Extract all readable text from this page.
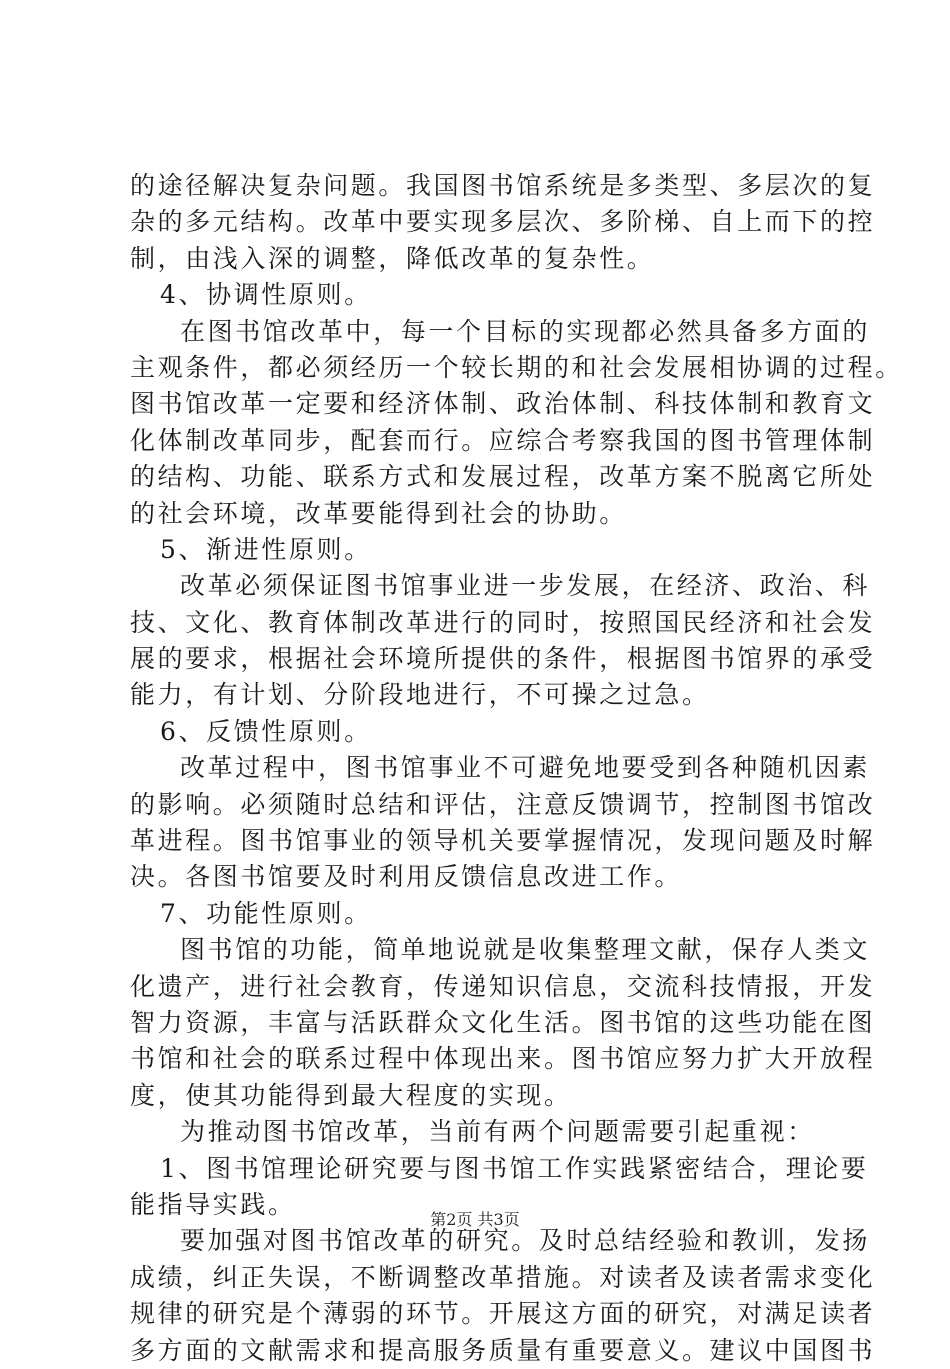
的途径解决复杂问题。我国图书馆系统是多类型、多层次的复
杂的多元结构。改革中要实现多层次、多阶梯、自上而下的控
制，由浅入深的调整，降低改革的复杂性。
4、协调性原则。
在图书馆改革中，每一个目标的实现都必然具备多方面的
主观条件，都必须经历一个较长期的和社会发展相协调的过程。
图书馆改革一定要和经济体制、政治体制、科技体制和教育文
化体制改革同步，配套而行。应综合考察我国的图书管理体制
的结构、功能、联系方式和发展过程，改革方案不脱离它所处
的社会环境，改革要能得到社会的协助。
5、渐进性原则。
改革必须保证图书馆事业进一步发展，在经济、政治、科
技、文化、教育体制改革进行的同时，按照国民经济和社会发
展的要求，根据社会环境所提供的条件，根据图书馆界的承受
能力，有计划、分阶段地进行，不可操之过急。
6、反馈性原则。
改革过程中，图书馆事业不可避免地要受到各种随机因素
的影响。必须随时总结和评估，注意反馈调节，控制图书馆改
革进程。图书馆事业的领导机关要掌握情况，发现问题及时解
决。各图书馆要及时利用反馈信息改进工作。
7、功能性原则。
图书馆的功能，简单地说就是收集整理文献，保存人类文
化遗产，进行社会教育，传递知识信息，交流科技情报，开发
智力资源，丰富与活跃群众文化生活。图书馆的这些功能在图
书馆和社会的联系过程中体现出来。图书馆应努力扩大开放程
度，使其功能得到最大程度的实现。
为推动图书馆改革，当前有两个问题需要引起重视：
1、图书馆理论研究要与图书馆工作实践紧密结合，理论要
能指导实践。
要加强对图书馆改革的研究。及时总结经验和教训，发扬
成绩，纠正失误，不断调整改革措施。对读者及读者需求变化
规律的研究是个薄弱的环节。开展这方面的研究，对满足读者
多方面的文献需求和提高服务质量有重要意义。建议中国图书
第2页 共3页
